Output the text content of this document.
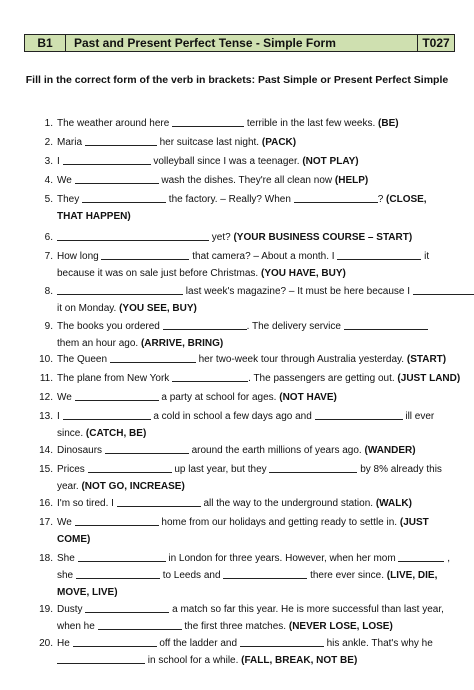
B1	Past and Present Perfect Tense - Simple Form	T027
Fill in the correct form of the verb in brackets: Past Simple or Present Perfect Simple
1. The weather around here	terrible in the last few weeks. (BE)
2. Maria	her suitcase last night. (PACK)
3. I	volleyball since I was a teenager. (NOT PLAY)
4. We	wash the dishes. They're all clean now (HELP)
5. They	the factory. – Really? When	? (CLOSE,
THAT HAPPEN)
6.	yet? (YOUR BUSINESS COURSE – START)
7. How long	that camera? – About a month. I	it
because it was on sale just before Christmas. (YOU HAVE, BUY)
8.	last week's magazine? – It must be here because I
it on Monday. (YOU SEE, BUY)
9. The books you ordered	. The delivery service
them an hour ago. (ARRIVE, BRING)
10. The Queen	her two-week tour through Australia yesterday. (START)
11. The plane from New York	. The passengers are getting out. (JUST LAND)
12. We	a party at school for ages. (NOT HAVE)
13. I	a cold in school a few days ago and	ill ever
since. (CATCH, BE)
14. Dinosaurs	around the earth millions of years ago. (WANDER)
15. Prices	up last year, but they	by 8% already this
year. (NOT GO, INCREASE)
16. I'm so tired. I	all the way to the underground station. (WALK)
17. We	home from our holidays and getting ready to settle in. (JUST
COME)
18. She	in London for three years. However, when her mom	,
she	to Leeds and	there ever since. (LIVE, DIE,
MOVE, LIVE)
19. Dusty	a match so far this year. He is more successful than last year,
when he	the first three matches. (NEVER LOSE, LOSE)
20. He	off the ladder and	his ankle. That's why he
in school for a while. (FALL, BREAK, NOT BE)
